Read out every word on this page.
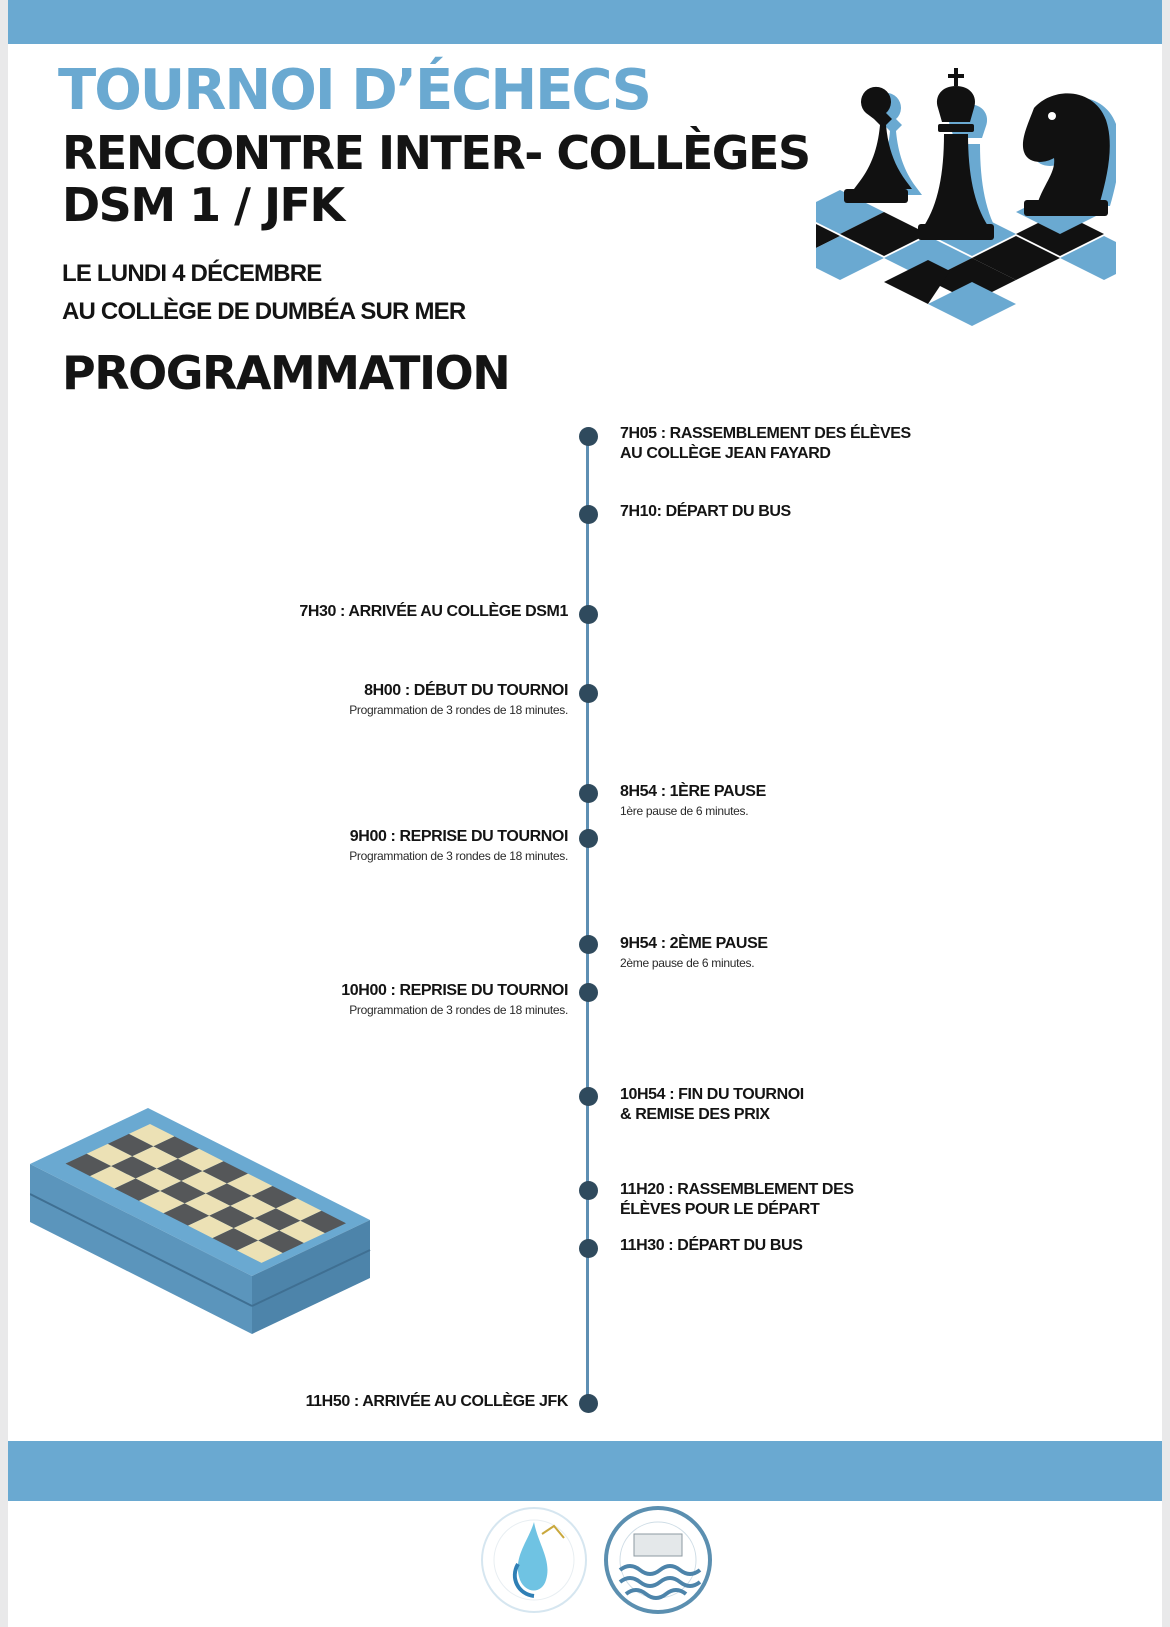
TOURNOI D’ÉCHECS
RENCONTRE INTER- COLLÈGES
DSM 1 / JFK
LE LUNDI 4 DÉCEMBRE
AU COLLÈGE DE DUMBÉA SUR MER
PROGRAMMATION
7H05 : RASSEMBLEMENT DES ÉLÈVES
AU COLLÈGE JEAN FAYARD
7H10: DÉPART DU BUS
7H30 : ARRIVÉE AU COLLÈGE DSM1
8H00 : DÉBUT DU TOURNOI
Programmation de 3 rondes de 18 minutes.
8H54 : 1ÈRE PAUSE
1ère pause de 6 minutes.
9H00 : REPRISE DU TOURNOI
Programmation de 3 rondes de 18 minutes.
9H54 : 2ÈME PAUSE
2ème pause de 6 minutes.
10H00 : REPRISE DU TOURNOI
Programmation de 3 rondes de 18 minutes.
10H54 : FIN DU TOURNOI
& REMISE DES PRIX
11H20 : RASSEMBLEMENT DES
ÉLÈVES POUR LE DÉPART
11H30 : DÉPART DU BUS
11H50 : ARRIVÉE AU COLLÈGE JFK
